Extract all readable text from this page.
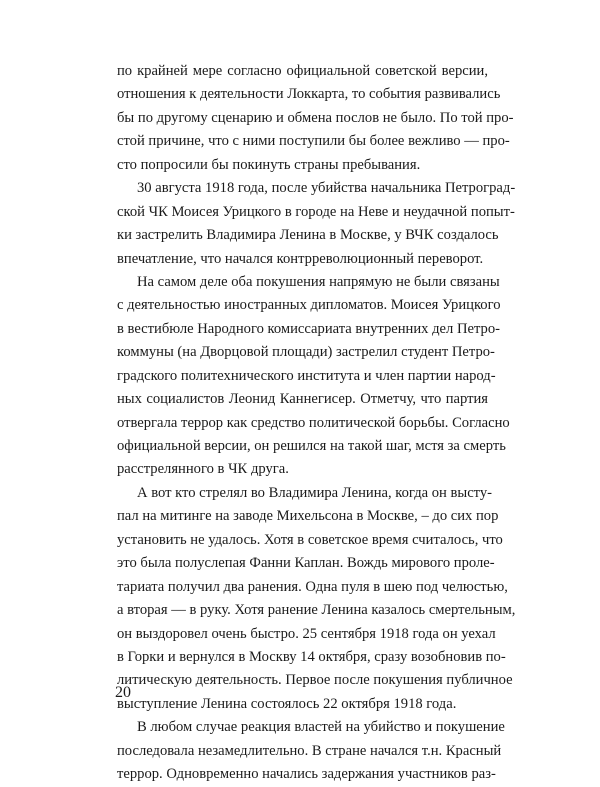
по крайней мере согласно официальной советской версии,
отношения к деятельности Локкарта, то события развивались
бы по другому сценарию и обмена послов не было. По той про-
стой причине, что с ними поступили бы более вежливо — про-
сто попросили бы покинуть страны пребывания.
30 августа 1918 года, после убийства начальника Петроград-
ской ЧК Моисея Урицкого в городе на Неве и неудачной попыт-
ки застрелить Владимира Ленина в Москве, у ВЧК создалось
впечатление, что начался контрреволюционный переворот.
На самом деле оба покушения напрямую не были связаны
с деятельностью иностранных дипломатов. Моисея Урицкого
в вестибюле Народного комиссариата внутренних дел Петро-
коммуны (на Дворцовой площади) застрелил студент Петро-
градского политехнического института и член партии народ-
ных социалистов Леонид Каннегисер. Отметчу, что партия
отвергала террор как средство политической борьбы. Согласно
официальной версии, он решился на такой шаг, мстя за смерть
расстрелянного в ЧК друга.
А вот кто стрелял во Владимира Ленина, когда он высту-
пал на митинге на заводе Михельсона в Москве, – до сих пор
установить не удалось. Хотя в советское время считалось, что
это была полуслепая Фанни Каплан. Вождь мирового проле-
тариата получил два ранения. Одна пуля в шею под челюстью,
а вторая — в руку. Хотя ранение Ленина казалось смертельным,
он выздоровел очень быстро. 25 сентября 1918 года он уехал
в Горки и вернулся в Москву 14 октября, сразу возобновив по-
литическую деятельность. Первое после покушения публичное
выступление Ленина состоялось 22 октября 1918 года.
В любом случае реакция властей на убийство и покушение
последовала незамедлительно. В стране начался т.н. Красный
террор. Одновременно начались задержания участников раз-
20
